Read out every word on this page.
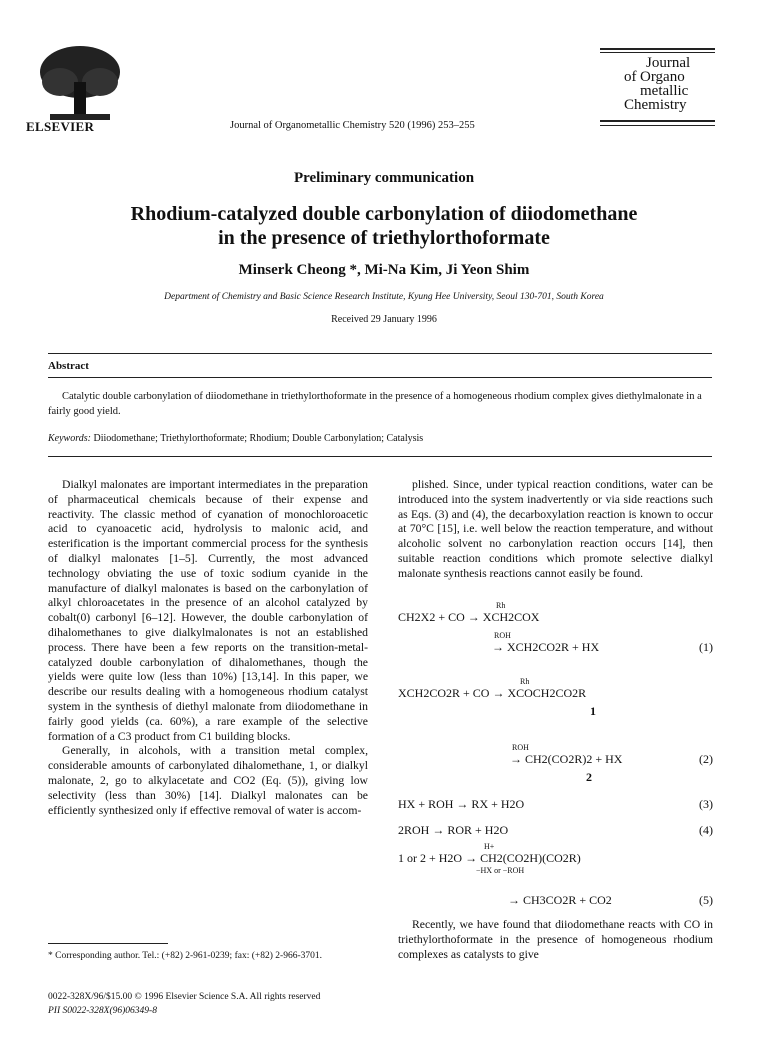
ELSEVIER	Journal of Organometallic Chemistry 520 (1996) 253–255
Journal
of Organo
metallic
Chemistry
Preliminary communication
Rhodium-catalyzed double carbonylation of diiodomethane
in the presence of triethylorthoformate
Minserk Cheong *, Mi-Na Kim, Ji Yeon Shim
Department of Chemistry and Basic Science Research Institute, Kyung Hee University, Seoul 130-701, South Korea
Received 29 January 1996
Abstract
Catalytic double carbonylation of diiodomethane in triethylorthoformate in the presence of a homogeneous rhodium complex gives diethylmalonate in a fairly good yield.
Keywords: Diiodomethane; Triethylorthoformate; Rhodium; Double Carbonylation; Catalysis

Dialkyl malonates are important intermediates in the preparation of pharmaceutical chemicals because of their expense and reactivity. The classic method of cyanation of monochloroacetic acid to cyanoacetic acid, hydrolysis to malonic acid, and esterification is the important commercial process for the synthesis of dialkyl malonates [1–5]. Currently, the most advanced technology obviating the use of toxic sodium cyanide in the manufacture of dialkyl malonates is based on the carbonylation of alkyl chloroacetates in the presence of an alcohol catalyzed by cobalt(0) carbonyl [6–12]. However, the double carbonylation of dihalomethanes to give dialkylmalonates is not an established process. There have been a few reports on the transition-metal-catalyzed double carbonylation of dihalomethanes, though the yields were quite low (less than 10%) [13,14]. In this paper, we describe our results dealing with a homogeneous rhodium catalyst system in the synthesis of diethyl malonate from diiodomethane in fairly good yields (ca. 60%), a rare example of the selective formation of a C3 product from C1 building blocks.

Generally, in alcohols, with a transition metal complex, considerable amounts of carbonylated dihalomethane, 1, or dialkyl malonate, 2, go to alkylacetate and CO2 (Eq. (5)), giving low selectivity (less than 30%) [14]. Dialkyl malonates can be efficiently synthesized only if effective removal of water is accom-

plished. Since, under typical reaction conditions, water can be introduced into the system inadvertently or via side reactions such as Eqs. (3) and (4), the decarboxylation reaction is known to occur at 70°C [15], i.e. well below the reaction temperature, and without alcoholic solvent no carbonylation reaction occurs [14], then suitable reaction conditions which promote selective dialkyl malonate synthesis reactions cannot easily be found.

Rh
CH2X2 + CO → XCH2COX
ROH
→ XCH2CO2R + HX	(1)
Rh
XCH2CO2R + CO → XCOCH2CO2R
1
ROH
→ CH2(CO2R)2 + HX	(2)
2
HX + ROH → RX + H2O	(3)
2ROH → ROR + H2O	(4)
1 or 2 + H2O → CH2(CO2H)(CO2R)
H+
−HX or −ROH
→ CH3CO2R + CO2	(5)

Recently, we have found that diiodomethane reacts with CO in triethylorthoformate in the presence of homogeneous rhodium complexes as catalysts to give

* Corresponding author. Tel.: (+82) 2-961-0239; fax: (+82) 2-966-3701.
0022-328X/96/$15.00 © 1996 Elsevier Science S.A. All rights reserved
PII S0022-328X(96)06349-8
